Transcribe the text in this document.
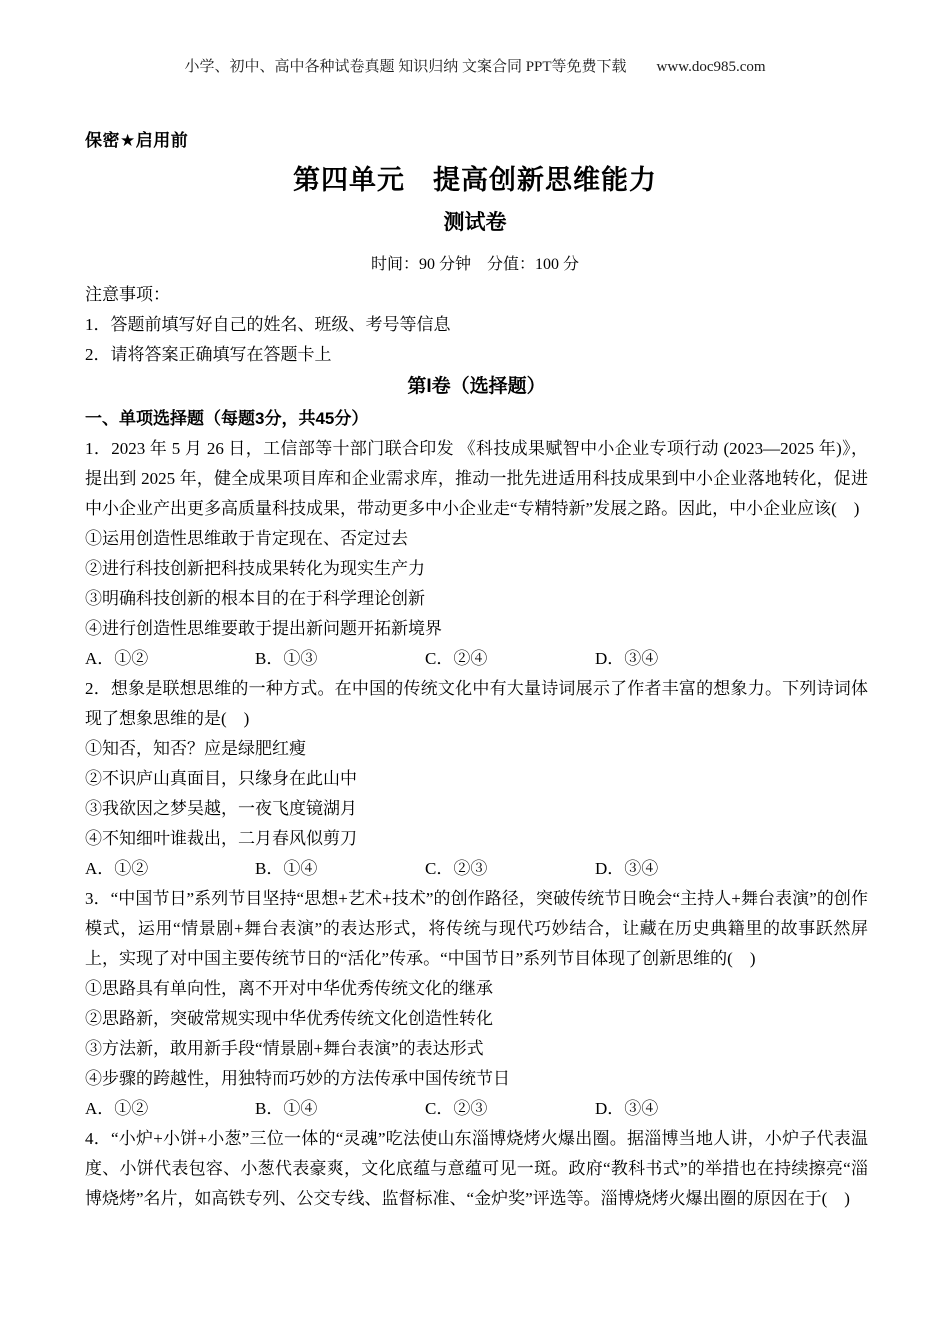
小学、初中、高中各种试卷真题 知识归纳 文案合同 PPT等免费下载 www.doc985.com
保密★启用前
第四单元　提高创新思维能力
测试卷
时间：90 分钟　分值：100 分

注意事项：

1．答题前填写好自己的姓名、班级、考号等信息

2．请将答案正确填写在答题卡上

第I卷（选择题）

一、单项选择题（每题3分，共45分）

1．2023 年 5 月 26 日，工信部等十部门联合印发 《科技成果赋智中小企业专项行动 (2023—2025 年)》，提出到 2025 年，健全成果项目库和企业需求库，推动一批先进适用科技成果到中小企业落地转化，促进中小企业产出更多高质量科技成果，带动更多中小企业走“专精特新”发展之路。因此，中小企业应该(　)

①运用创造性思维敢于肯定现在、否定过去

②进行科技创新把科技成果转化为现实生产力

③明确科技创新的根本目的在于科学理论创新

④进行创造性思维要敢于提出新问题开拓新境界

A．①②	B．①③	C．②④	D．③④

2．想象是联想思维的一种方式。在中国的传统文化中有大量诗词展示了作者丰富的想象力。下列诗词体现了想象思维的是(　)

①知否，知否？应是绿肥红瘦

②不识庐山真面目，只缘身在此山中

③我欲因之梦吴越，一夜飞度镜湖月

④不知细叶谁裁出，二月春风似剪刀

A．①②	B．①④	C．②③	D．③④

3．“中国节日”系列节目坚持“思想+艺术+技术”的创作路径，突破传统节日晚会“主持人+舞台表演”的创作模式，运用“情景剧+舞台表演”的表达形式，将传统与现代巧妙结合，让藏在历史典籍里的故事跃然屏上，实现了对中国主要传统节日的“活化”传承。“中国节日”系列节目体现了创新思维的(　)

①思路具有单向性，离不开对中华优秀传统文化的继承

②思路新，突破常规实现中华优秀传统文化创造性转化

③方法新，敢用新手段“情景剧+舞台表演”的表达形式

④步骤的跨越性，用独特而巧妙的方法传承中国传统节日

A．①②	B．①④	C．②③	D．③④

4．“小炉+小饼+小葱”三位一体的“灵魂”吃法使山东淄博烧烤火爆出圈。据淄博当地人讲，小炉子代表温度、小饼代表包容、小葱代表豪爽，文化底蕴与意蕴可见一斑。政府“教科书式”的举措也在持续擦亮“淄博烧烤”名片，如高铁专列、公交专线、监督标准、“金炉奖”评选等。淄博烧烤火爆出圈的原因在于(　)
